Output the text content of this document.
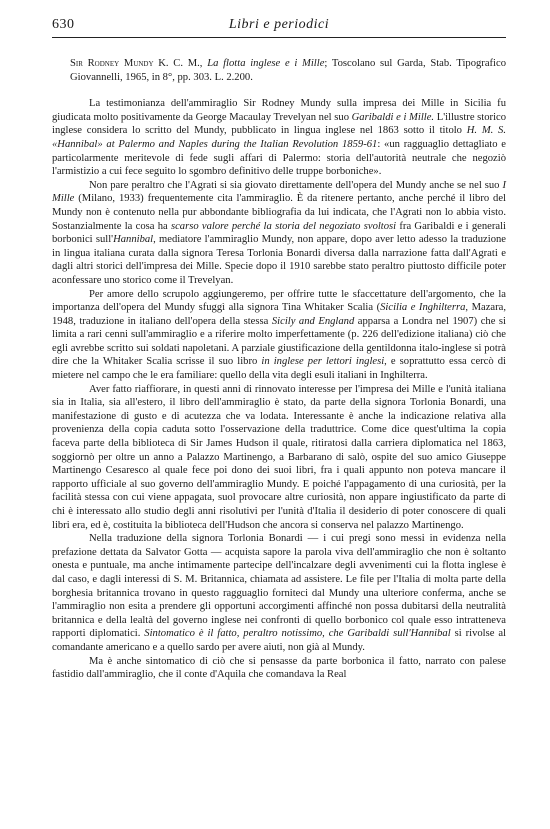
630	Libri e periodici

Sir Rodney Mundy K. C. M., La flotta inglese e i Mille; Toscolano sul Garda, Stab. Tipografico Giovannelli, 1965, in 8°, pp. 303. L. 2.200.

La testimonianza dell'ammiraglio Sir Rodney Mundy sulla impresa dei Mille in Sicilia fu giudicata molto positivamente da George Macaulay Trevelyan nel suo Garibaldi e i Mille. L'illustre storico inglese considera lo scritto del Mundy, pubblicato in lingua inglese nel 1863 sotto il titolo H. M. S. «Hannibal» at Palermo and Naples during the Italian Revolution 1859-61: «un ragguaglio dettagliato e particolarmente meritevole di fede sugli affari di Palermo: storia dell'autorità neutrale che negoziò l'armistizio a cui fece seguito lo sgombro definitivo delle truppe borboniche».

Non pare peraltro che l'Agrati si sia giovato direttamente dell'opera del Mundy anche se nel suo I Mille (Milano, 1933) frequentemente cita l'ammiraglio. È da ritenere pertanto, anche perché il libro del Mundy non è contenuto nella pur abbondante bibliografia da lui indicata, che l'Agrati non lo abbia visto. Sostanzialmente la cosa ha scarso valore perché la storia del negoziato svoltosi fra Garibaldi e i generali borbonici sull'Hannibal, mediatore l'ammiraglio Mundy, non appare, dopo aver letto adesso la traduzione in lingua italiana curata dalla signora Teresa Torlonia Bonardi diversa dalla narrazione fatta dall'Agrati e dagli altri storici dell'impresa dei Mille. Specie dopo il 1910 sarebbe stato peraltro piuttosto difficile poter aconfessare uno storico come il Trevelyan.

Per amore dello scrupolo aggiungeremo, per offrire tutte le sfaccettature dell'argomento, che la importanza dell'opera del Mundy sfuggì alla signora Tina Whitaker Scalia (Sicilia e Inghilterra, Mazara, 1948, traduzione in italiano dell'opera della stessa Sicily and England apparsa a Londra nel 1907) che si limita a rari cenni sull'ammiraglio e a riferire molto imperfettamente (p. 226 dell'edizione italiana) ciò che egli avrebbe scritto sui soldati napoletani. A parziale giustificazione della gentildonna italo-inglese si potrà dire che la Whitaker Scalia scrisse il suo libro in inglese per lettori inglesi, e soprattutto essa cercò di mietere nel campo che le era familiare: quello della vita degli esuli italiani in Inghilterra.

Aver fatto riaffiorare, in questi anni di rinnovato interesse per l'impresa dei Mille e l'unità italiana sia in Italia, sia all'estero, il libro dell'ammiraglio è stato, da parte della signora Torlonia Bonardi, una manifestazione di gusto e di acutezza che va lodata. Interessante è anche la indicazione relativa alla provenienza della copia caduta sotto l'osservazione della traduttrice. Come dice quest'ultima la copia faceva parte della biblioteca di Sir James Hudson il quale, ritiratosi dalla carriera diplomatica nel 1863, soggiornò per oltre un anno a Palazzo Martinengo, a Barbarano di salò, ospite del suo amico Giuseppe Martinengo Cesaresco al quale fece poi dono dei suoi libri, fra i quali appunto non poteva mancare il rapporto ufficiale al suo governo dell'ammiraglio Mundy. E poiché l'appagamento di una curiosità, per la facilità stessa con cui viene appagata, suol provocare altre curiosità, non appare ingiustificato da parte di chi è interessato allo studio degli anni risolutivi per l'unità d'Italia il desiderio di poter conoscere di quali libri era, ed è, costituita la biblioteca dell'Hudson che ancora si conserva nel palazzo Martinengo.

Nella traduzione della signora Torlonia Bonardi — i cui pregi sono messi in evidenza nella prefazione dettata da Salvator Gotta — acquista sapore la parola viva dell'ammiraglio che non è soltanto onesta e puntuale, ma anche intimamente partecipe dell'incalzare degli avvenimenti cui la flotta inglese è dal caso, e dagli interessi di S. M. Britannica, chiamata ad assistere. Le file per l'Italia di molta parte della borghesia britannica trovano in questo ragguaglio forniteci dal Mundy una ulteriore conferma, anche se l'ammiraglio non esita a prendere gli opportuni accorgimenti affinché non possa dubitarsi della neutralità britannica e della lealtà del governo inglese nei confronti di quello borbonico col quale esso intratteneva rapporti diplomatici. Sintomatico è il fatto, peraltro notissimo, che Garibaldi sull'Hannibal si rivolse al comandante americano e a quello sardo per avere aiuti, non già al Mundy.

Ma è anche sintomatico di ciò che si pensasse da parte borbonica il fatto, narrato con palese fastidio dall'ammiraglio, che il conte d'Aquila che comandava la Real
